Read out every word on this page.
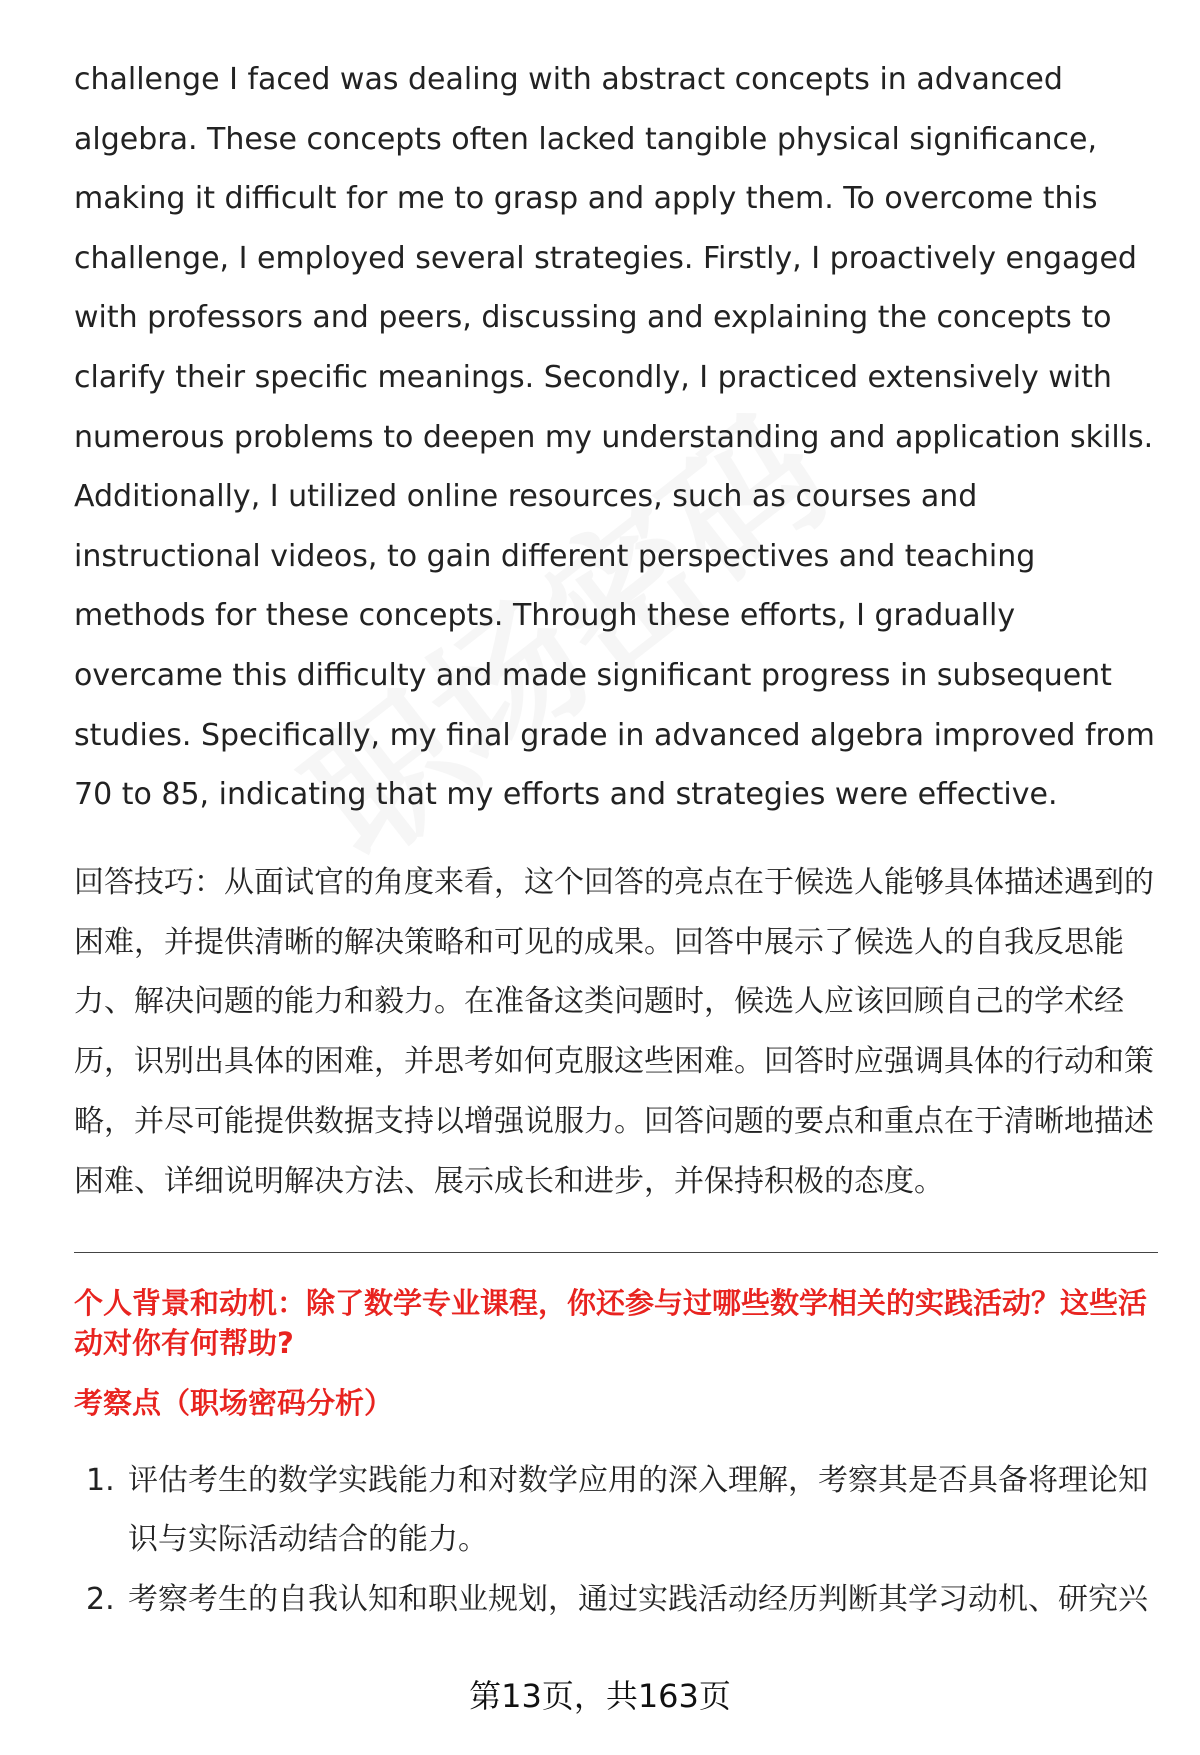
challenge I faced was dealing with abstract concepts in advanced algebra. These concepts often lacked tangible physical significance, making it difficult for me to grasp and apply them. To overcome this challenge, I employed several strategies. Firstly, I proactively engaged with professors and peers, discussing and explaining the concepts to clarify their specific meanings. Secondly, I practiced extensively with numerous problems to deepen my understanding and application skills. Additionally, I utilized online resources, such as courses and instructional videos, to gain different perspectives and teaching methods for these concepts. Through these efforts, I gradually overcame this difficulty and made significant progress in subsequent studies. Specifically, my final grade in advanced algebra improved from 70 to 85, indicating that my efforts and strategies were effective.

回答技巧：从面试官的角度来看，这个回答的亮点在于候选人能够具体描述遇到的困难，并提供清晰的解决策略和可见的成果。回答中展示了候选人的自我反思能力、解决问题的能力和毅力。在准备这类问题时，候选人应该回顾自己的学术经历，识别出具体的困难，并思考如何克服这些困难。回答时应强调具体的行动和策略，并尽可能提供数据支持以增强说服力。回答问题的要点和重点在于清晰地描述困难、详细说明解决方法、展示成长和进步，并保持积极的态度。

个人背景和动机：除了数学专业课程，你还参与过哪些数学相关的实践活动？这些活动对你有何帮助?
考察点（职场密码分析）
1. 评估考生的数学实践能力和对数学应用的深入理解，考察其是否具备将理论知识与实际活动结合的能力。
2. 考察考生的自我认知和职业规划，通过实践活动经历判断其学习动机、研究兴
第13页，共163页
